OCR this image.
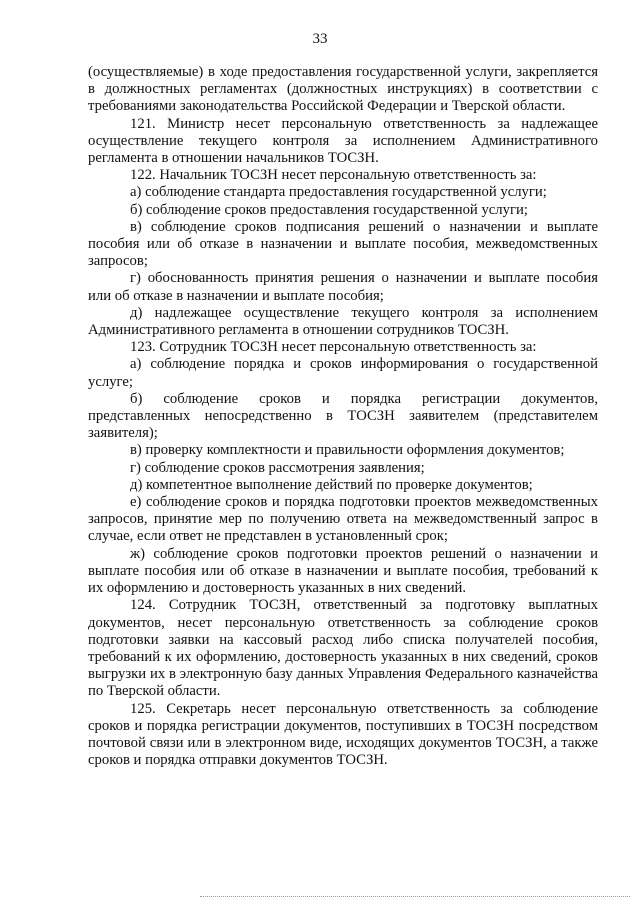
33

(осуществляемые) в ходе предоставления государственной услуги, закрепляется в должностных регламентах (должностных инструкциях) в соответствии с требованиями законодательства Российской Федерации и Тверской области.

121. Министр несет персональную ответственность за надлежащее осуществление текущего контроля за исполнением Административного регламента в отношении начальников ТОСЗН.

122. Начальник ТОСЗН несет персональную ответственность за:

а) соблюдение стандарта предоставления государственной услуги;

б) соблюдение сроков предоставления государственной услуги;

в) соблюдение сроков подписания решений о назначении и выплате пособия или об отказе в назначении и выплате пособия, межведомственных запросов;

г) обоснованность принятия решения о назначении и выплате пособия или об отказе в назначении и выплате пособия;

д) надлежащее осуществление текущего контроля за исполнением Административного регламента в отношении сотрудников ТОСЗН.

123. Сотрудник ТОСЗН несет персональную ответственность за:

а) соблюдение порядка и сроков информирования о государственной услуге;

б) соблюдение сроков и порядка регистрации документов, представленных непосредственно в ТОСЗН заявителем (представителем заявителя);

в) проверку комплектности и правильности оформления документов;

г) соблюдение сроков рассмотрения заявления;

д) компетентное выполнение действий по проверке документов;

е) соблюдение сроков и порядка подготовки проектов межведомственных запросов, принятие мер по получению ответа на межведомственный запрос в случае, если ответ не представлен в установленный срок;

ж) соблюдение сроков подготовки проектов решений о назначении и выплате пособия или об отказе в назначении и выплате пособия, требований к их оформлению и достоверность указанных в них сведений.

124. Сотрудник ТОСЗН, ответственный за подготовку выплатных документов, несет персональную ответственность за соблюдение сроков подготовки заявки на кассовый расход либо списка получателей пособия, требований к их оформлению, достоверность указанных в них сведений, сроков выгрузки их в электронную базу данных Управления Федерального казначейства по Тверской области.

125. Секретарь несет персональную ответственность за соблюдение сроков и порядка регистрации документов, поступивших в ТОСЗН посредством почтовой связи или в электронном виде, исходящих документов ТОСЗН, а также сроков и порядка отправки документов ТОСЗН.
